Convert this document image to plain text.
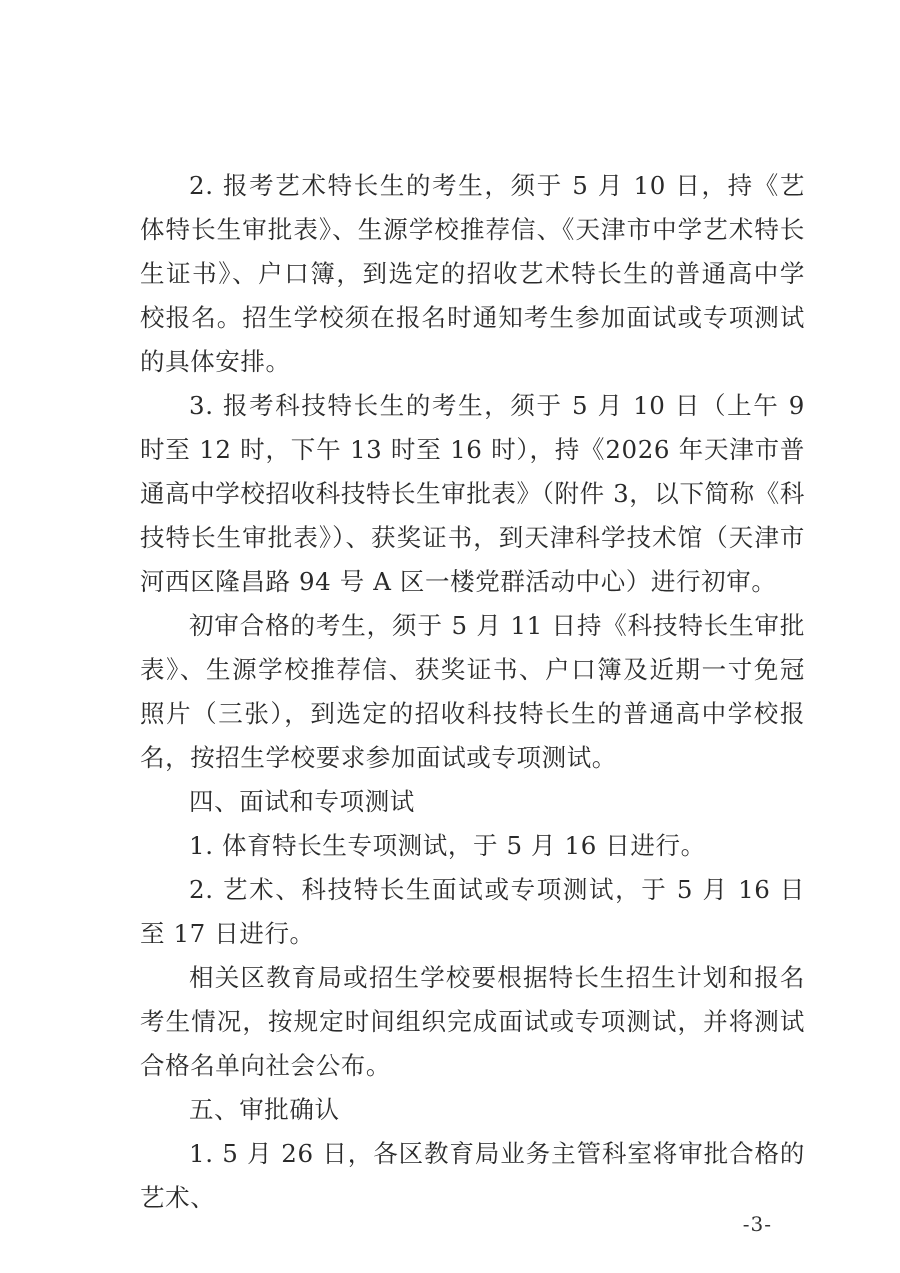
2. 报考艺术特长生的考生，须于 5 月 10 日，持《艺体特长生审批表》、生源学校推荐信、《天津市中学艺术特长生证书》、户口簿，到选定的招收艺术特长生的普通高中学校报名。招生学校须在报名时通知考生参加面试或专项测试的具体安排。

3. 报考科技特长生的考生，须于 5 月 10 日（上午 9 时至 12 时，下午 13 时至 16 时），持《2026 年天津市普通高中学校招收科技特长生审批表》（附件 3，以下简称《科技特长生审批表》）、获奖证书，到天津科学技术馆（天津市河西区隆昌路 94 号 A 区一楼党群活动中心）进行初审。

初审合格的考生，须于 5 月 11 日持《科技特长生审批表》、生源学校推荐信、获奖证书、户口簿及近期一寸免冠照片（三张），到选定的招收科技特长生的普通高中学校报名，按招生学校要求参加面试或专项测试。

四、面试和专项测试

1. 体育特长生专项测试，于 5 月 16 日进行。

2. 艺术、科技特长生面试或专项测试，于 5 月 16 日至 17 日进行。

相关区教育局或招生学校要根据特长生招生计划和报名考生情况，按规定时间组织完成面试或专项测试，并将测试合格名单向社会公布。

五、审批确认

1. 5 月 26 日，各区教育局业务主管科室将审批合格的艺术、

-3-
